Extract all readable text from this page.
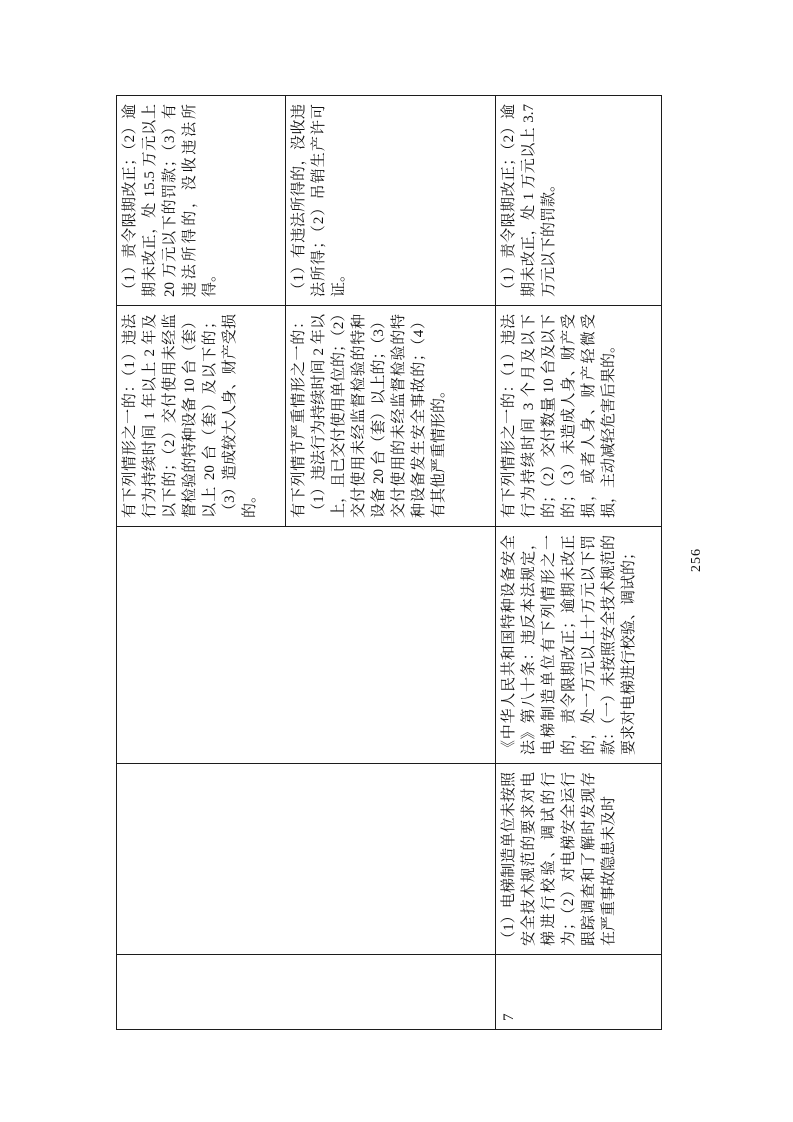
			有下列情形之一的：（1）违法行为持续时间 1 年以上 2 年及以下的；（2）交付使用未经监督检验的特种设备 10 台（套）以上 20 台（套）及以下的；（3）造成较大人身、财产受损的。	（1）责令限期改正；（2）逾期未改正，处 15.5 万元以上 20 万元以下的罚款；（3）有违法所得的，没收违法所得。
			有下列情节严重情形之一的：（1）违法行为持续时间 2 年以上，且已交付使用单位的；（2）交付使用未经监督检验的特种设备 20 台（套）以上的；（3）交付使用的未经监督检验的特种设备发生安全事故的；（4）有其他严重情形的。	（1）有违法所得的，没收违法所得；（2）吊销生产许可证。
7	（1）电梯制造单位未按照安全技术规范的要求对电梯进行校验、调试的行为；（2）对电梯安全运行跟踪调查和了解时发现存在严重事故隐患未及时	《中华人民共和国特种设备安全法》第八十条：违反本法规定，电梯制造单位有下列情形之一的，责令限期改正；逾期未改正的，处一万元以上十万元以下罚款：（一）未按照安全技术规范的要求对电梯进行校验、调试的；	有下列情形之一的：（1）违法行为持续时间 3 个月及以下的；（2）交付数量 10 台及以下的；（3）未造成人身、财产受损，或者人身、财产轻微受损，主动减轻危害后果的。	（1）责令限期改正；（2）逾期未改正，处 1 万元以上 3.7 万元以下的罚款。
256
